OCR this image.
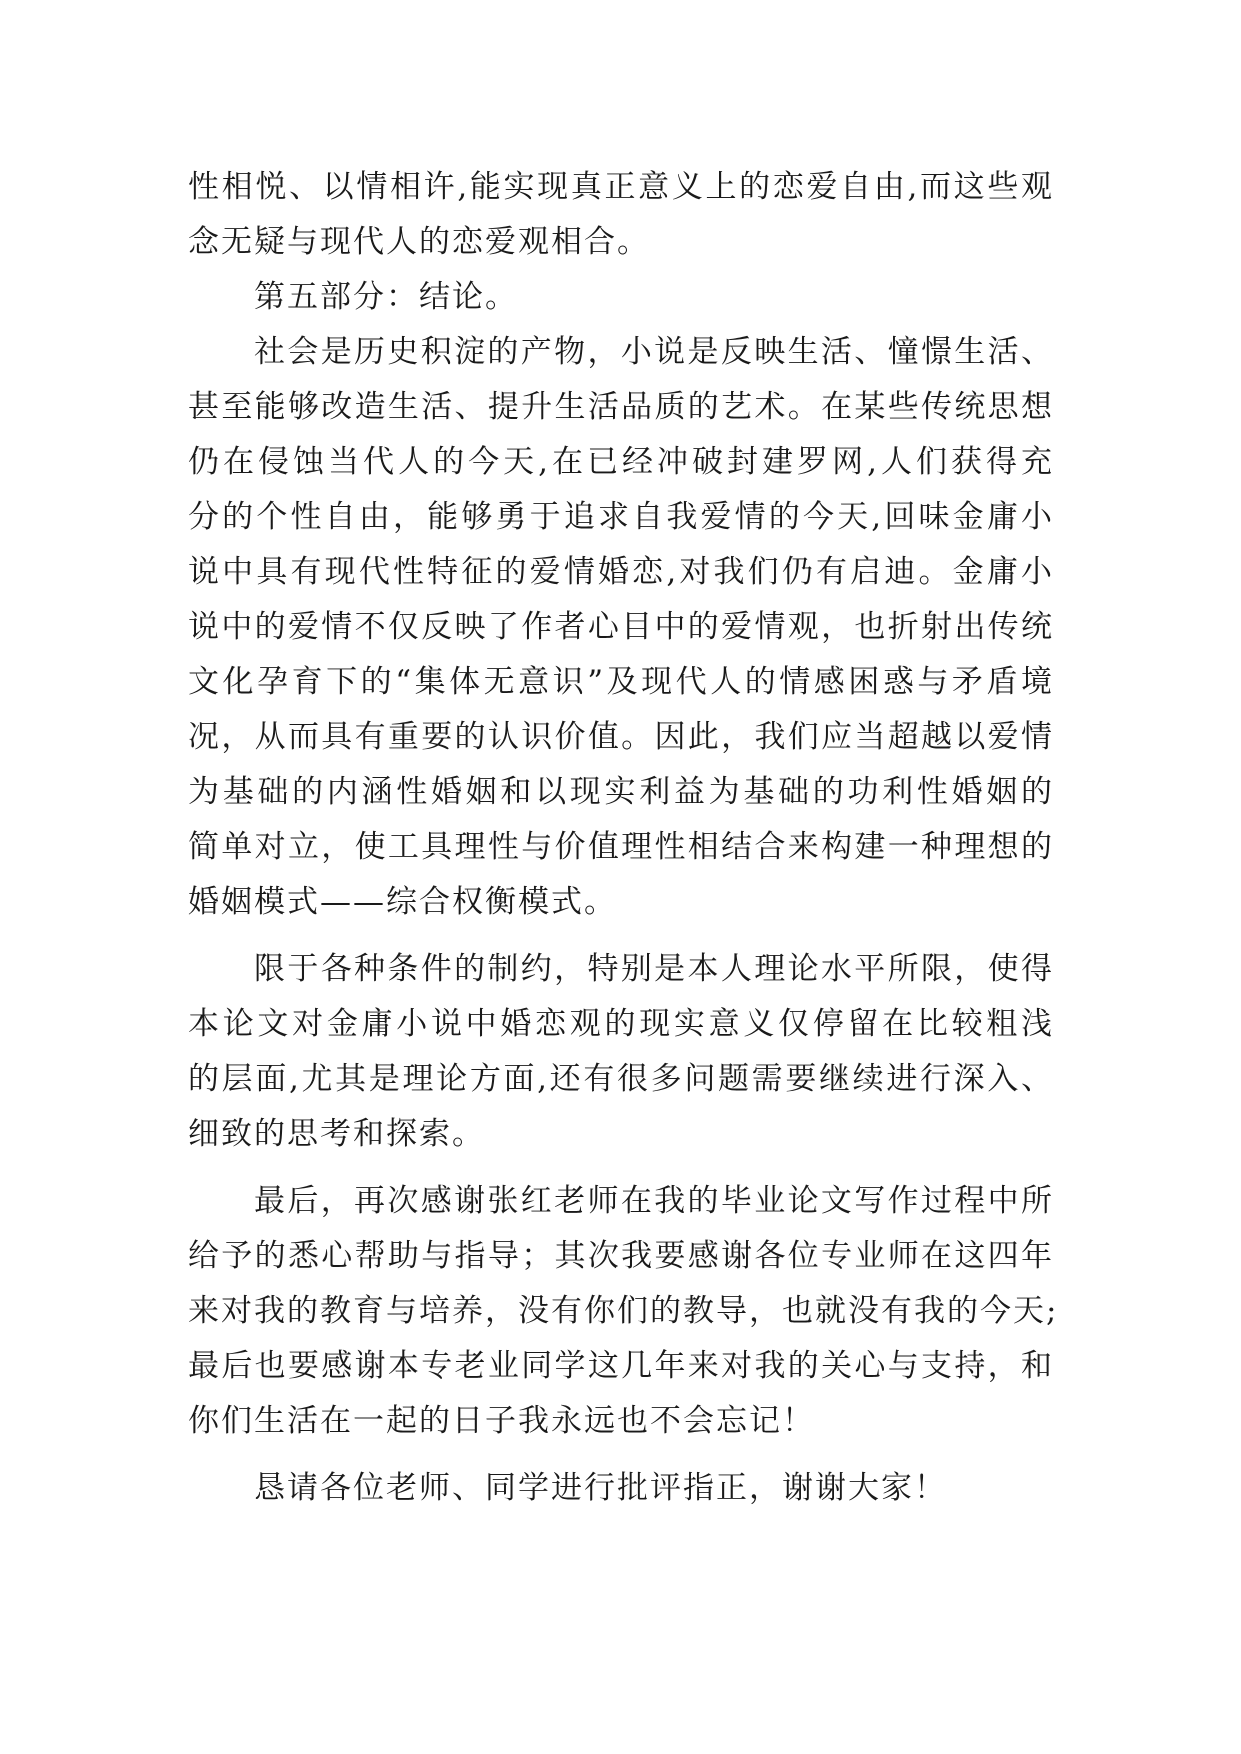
性相悦、以情相许,能实现真正意义上的恋爱自由,而这些观
念无疑与现代人的恋爱观相合。
第五部分：结论。
社会是历史积淀的产物，小说是反映生活、憧憬生活、
甚至能够改造生活、提升生活品质的艺术。在某些传统思想
仍在侵蚀当代人的今天,在已经冲破封建罗网,人们获得充
分的个性自由，能够勇于追求自我爱情的今天,回味金庸小
说中具有现代性特征的爱情婚恋,对我们仍有启迪。金庸小
说中的爱情不仅反映了作者心目中的爱情观，也折射出传统
文化孕育下的“集体无意识”及现代人的情感困惑与矛盾境
况，从而具有重要的认识价值。因此，我们应当超越以爱情
为基础的内涵性婚姻和以现实利益为基础的功利性婚姻的
简单对立，使工具理性与价值理性相结合来构建一种理想的
婚姻模式——综合权衡模式。
限于各种条件的制约，特别是本人理论水平所限，使得
本论文对金庸小说中婚恋观的现实意义仅停留在比较粗浅
的层面,尤其是理论方面,还有很多问题需要继续进行深入、
细致的思考和探索。
最后，再次感谢张红老师在我的毕业论文写作过程中所
给予的悉心帮助与指导；其次我要感谢各位专业师在这四年
来对我的教育与培养，没有你们的教导，也就没有我的今天;
最后也要感谢本专老业同学这几年来对我的关心与支持，和
你们生活在一起的日子我永远也不会忘记！
恳请各位老师、同学进行批评指正，谢谢大家！
